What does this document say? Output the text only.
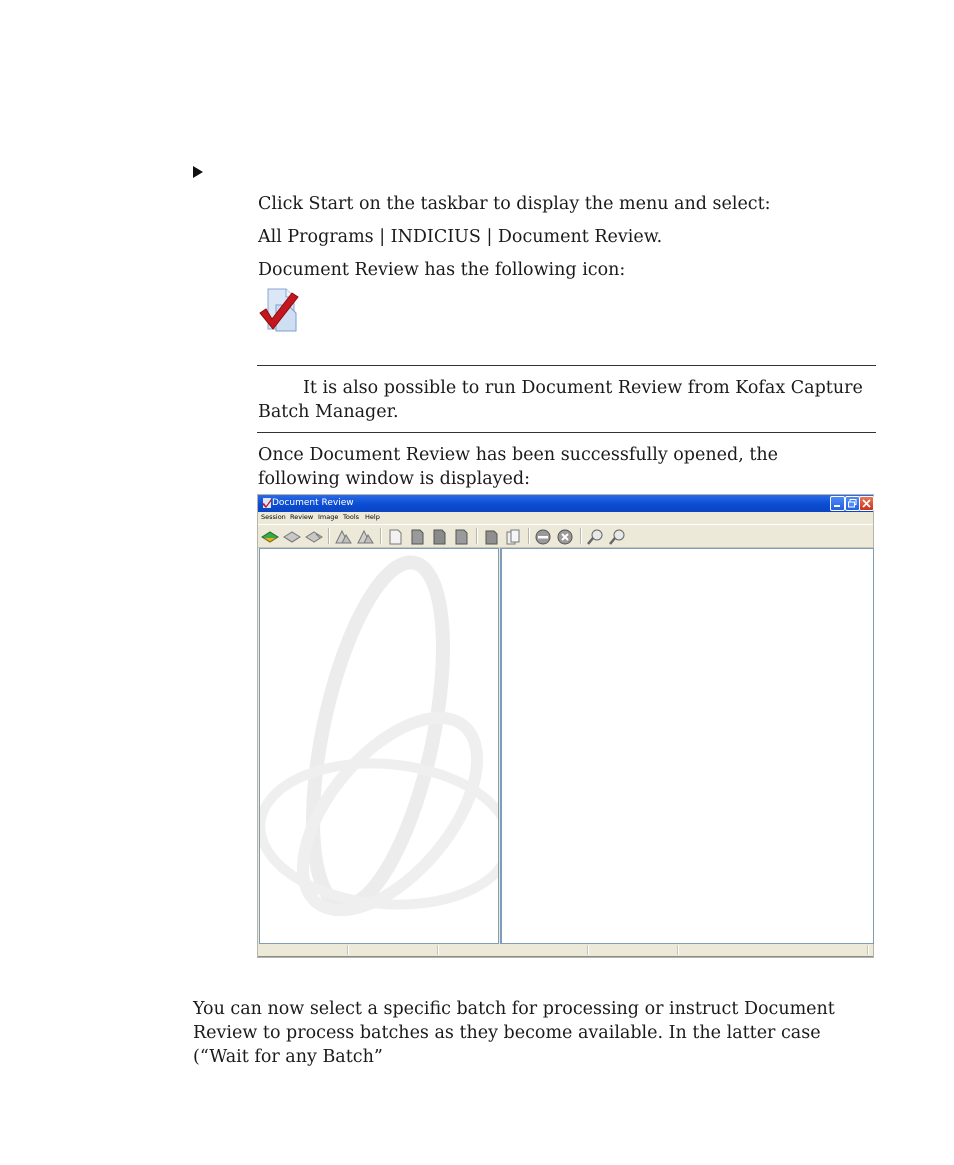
Click Start on the taskbar to display the menu and select:

All Programs | INDICIUS | Document Review.

Document Review has the following icon:

It is also possible to run Document Review from Kofax Capture Batch Manager.

Once Document Review has been successfully opened, the following window is displayed:

Document Review
Session Review Image Tools Help

You can now select a specific batch for processing or instruct Document Review to process batches as they become available. In the latter case (“Wait for any Batch”
